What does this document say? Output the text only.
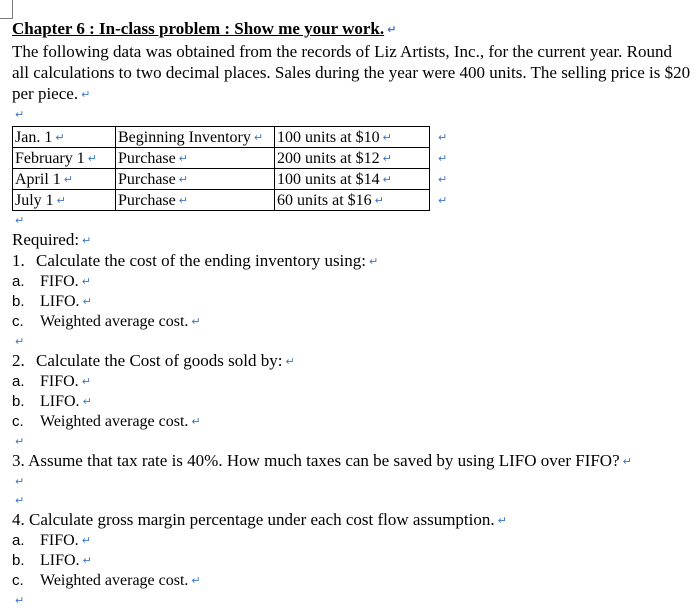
Chapter 6 : In-class problem : Show me your work. ↵

The following data was obtained from the records of Liz Artists, Inc., for the current year. Round all calculations to two decimal places. Sales during the year were 400 units. The selling price is $20 per piece. ↵

↵
Jan. 1 ↵	Beginning Inventory ↵	100 units at $10 ↵	↵
February 1 ↵	Purchase ↵	200 units at $12 ↵	↵
April 1 ↵	Purchase ↵	100 units at $14 ↵	↵
July 1 ↵	Purchase ↵	60 units at $16 ↵	↵
↵
Required: ↵
1. Calculate the cost of the ending inventory using: ↵
a. FIFO. ↵
b. LIFO. ↵
c. Weighted average cost. ↵
↵
2. Calculate the Cost of goods sold by: ↵
a. FIFO. ↵
b. LIFO. ↵
c. Weighted average cost. ↵
↵
3. Assume that tax rate is 40%. How much taxes can be saved by using LIFO over FIFO? ↵
↵
↵
4. Calculate gross margin percentage under each cost flow assumption. ↵
a. FIFO. ↵
b. LIFO. ↵
c. Weighted average cost. ↵
↵
